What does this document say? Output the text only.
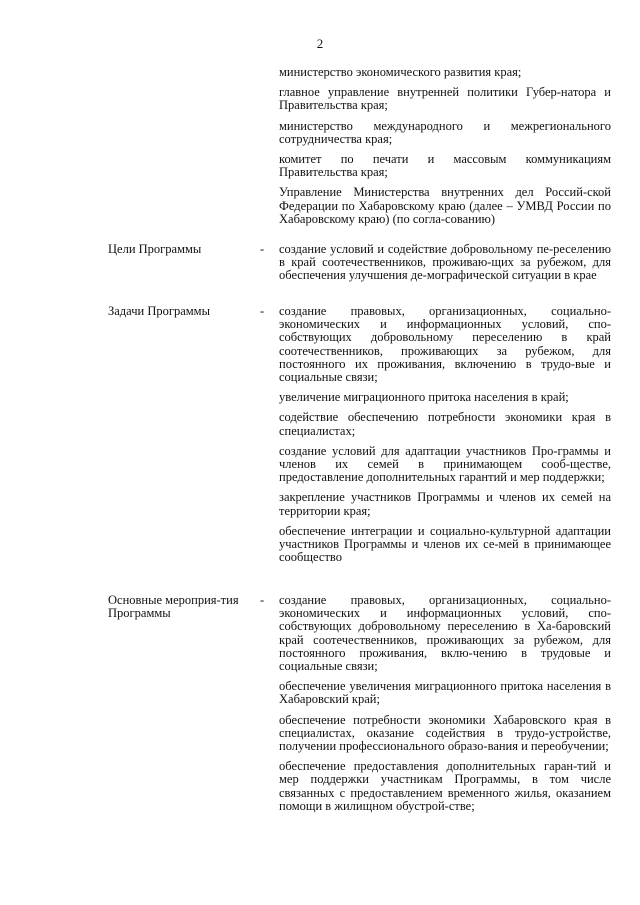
2

министерство экономического развития края;

главное управление внутренней политики Губер-натора и Правительства края;

министерство международного и межрегионального сотрудничества края;

комитет по печати и массовым коммуникациям Правительства края;

Управление Министерства внутренних дел Россий-ской Федерации по Хабаровскому краю (далее – УМВД России по Хабаровскому краю) (по согла-сованию)

Цели Программы	- создание условий и содействие добровольному пе-реселению в край соотечественников, проживаю-щих за рубежом, для обеспечения улучшения де-мографической ситуации в крае

Задачи Программы	- создание правовых, организационных, социально-экономических и информационных условий, спо-собствующих добровольному переселению в край соотечественников, проживающих за рубежом, для постоянного их проживания, включению в трудо-вые и социальные связи;

увеличение миграционного притока населения в край;

содействие обеспечению потребности экономики края в специалистах;

создание условий для адаптации участников Про-граммы и членов их семей в принимающем сооб-ществе, предоставление дополнительных гарантий и мер поддержки;

закрепление участников Программы и членов их семей на территории края;

обеспечение интеграции и социально-культурной адаптации участников Программы и членов их се-мей в принимающее сообщество

Основные мероприя-тия Программы
- создание правовых, организационных, социально-экономических и информационных условий, спо-собствующих добровольному переселению в Ха-баровский край соотечественников, проживающих за рубежом, для постоянного проживания, вклю-чению в трудовые и социальные связи;

обеспечение увеличения миграционного притока населения в Хабаровский край;

обеспечение потребности экономики Хабаровского края в специалистах, оказание содействия в трудо-устройстве, получении профессионального образо-вания и переобучении;

обеспечение предоставления дополнительных гаран-тий и мер поддержки участникам Программы, в том числе связанных с предоставлением временного жилья, оказанием помощи в жилищном обустрой-стве;
